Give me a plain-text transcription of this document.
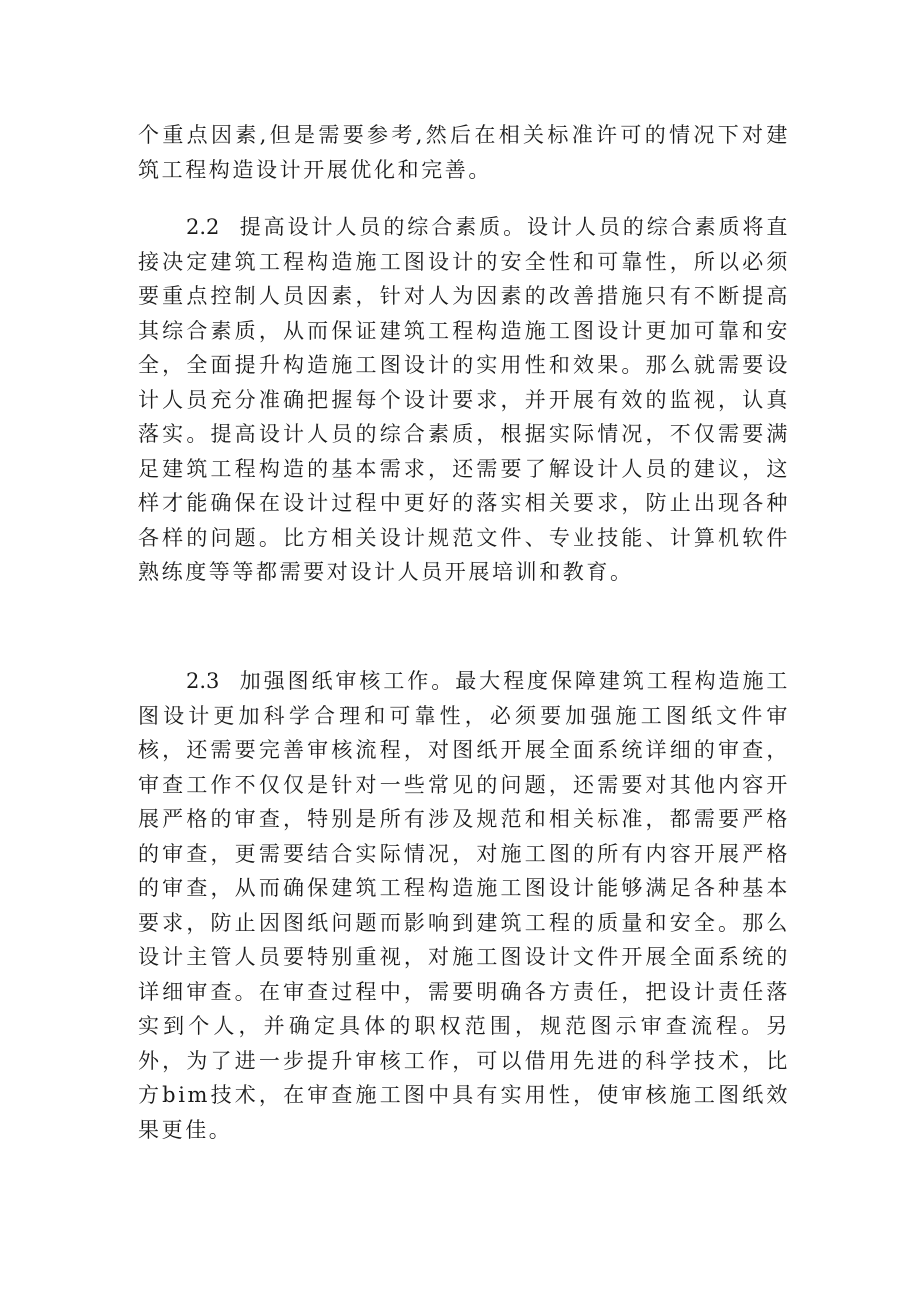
个重点因素,但是需要参考,然后在相关标准许可的情况下对建筑工程构造设计开展优化和完善。

2.2 提高设计人员的综合素质。设计人员的综合素质将直接决定建筑工程构造施工图设计的安全性和可靠性，所以必须要重点控制人员因素，针对人为因素的改善措施只有不断提高其综合素质，从而保证建筑工程构造施工图设计更加可靠和安全，全面提升构造施工图设计的实用性和效果。那么就需要设计人员充分准确把握每个设计要求，并开展有效的监视，认真落实。提高设计人员的综合素质，根据实际情况，不仅需要满足建筑工程构造的基本需求，还需要了解设计人员的建议，这样才能确保在设计过程中更好的落实相关要求，防止出现各种各样的问题。比方相关设计规范文件、专业技能、计算机软件熟练度等等都需要对设计人员开展培训和教育。

2.3 加强图纸审核工作。最大程度保障建筑工程构造施工图设计更加科学合理和可靠性，必须要加强施工图纸文件审核，还需要完善审核流程，对图纸开展全面系统详细的审查，审查工作不仅仅是针对一些常见的问题，还需要对其他内容开展严格的审查，特别是所有涉及规范和相关标准，都需要严格的审查，更需要结合实际情况，对施工图的所有内容开展严格的审查，从而确保建筑工程构造施工图设计能够满足各种基本要求，防止因图纸问题而影响到建筑工程的质量和安全。那么设计主管人员要特别重视，对施工图设计文件开展全面系统的详细审查。在审查过程中，需要明确各方责任，把设计责任落实到个人，并确定具体的职权范围，规范图示审查流程。另外，为了进一步提升审核工作，可以借用先进的科学技术，比方bim技术，在审查施工图中具有实用性，使审核施工图纸效果更佳。
